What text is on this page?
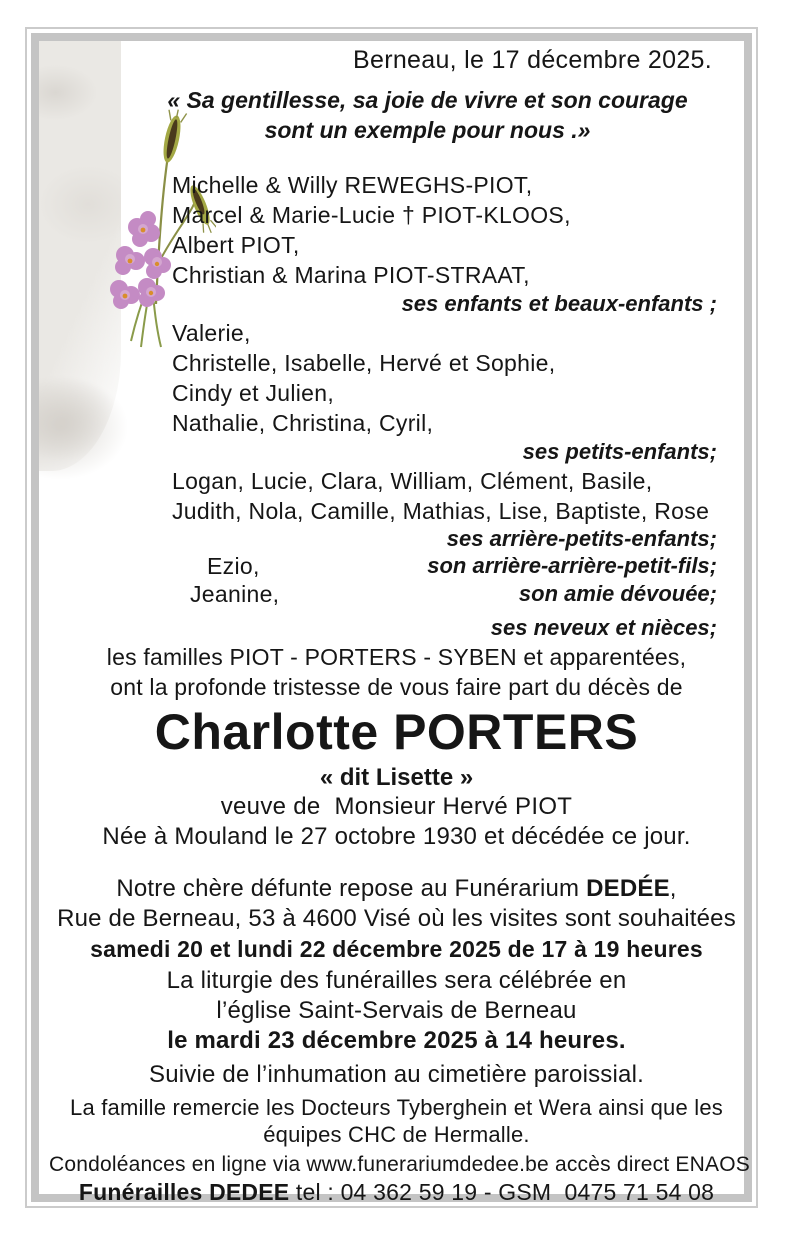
Berneau, le 17 décembre 2025.
« Sa gentillesse, sa joie de vivre et son courage
sont un exemple pour nous .»
Michelle & Willy REWEGHS-PIOT,
Marcel & Marie-Lucie † PIOT-KLOOS,
Albert PIOT,
Christian & Marina PIOT-STRAAT,
ses enfants et beaux-enfants ;
Valerie,
Christelle, Isabelle, Hervé et Sophie,
Cindy et Julien,
Nathalie, Christina, Cyril,
ses petits-enfants;
Logan, Lucie, Clara, William, Clément, Basile,
Judith, Nola, Camille, Mathias, Lise, Baptiste, Rose
ses arrière-petits-enfants;
Ezio,	son arrière-arrière-petit-fils;
Jeanine,	son amie dévouée;
ses neveux et nièces;
les familles PIOT - PORTERS - SYBEN et apparentées,
ont la profonde tristesse de vous faire part du décès de
Charlotte PORTERS
« dit Lisette »
veuve de  Monsieur Hervé PIOT
Née à Mouland le 27 octobre 1930 et décédée ce jour.
Notre chère défunte repose au Funérarium DEDÉE,
Rue de Berneau, 53 à 4600 Visé où les visites sont souhaitées
samedi 20 et lundi 22 décembre 2025 de 17 à 19 heures
La liturgie des funérailles sera célébrée en
l’église Saint-Servais de Berneau
le mardi 23 décembre 2025 à 14 heures.
Suivie de l’inhumation au cimetière paroissial.
La famille remercie les Docteurs Tyberghein et Wera ainsi que les
équipes CHC de Hermalle.
Condoléances en ligne via www.funerariumdedee.be accès direct ENAOS
Funérailles DEDEE tel : 04 362 59 19 - GSM  0475 71 54 08
